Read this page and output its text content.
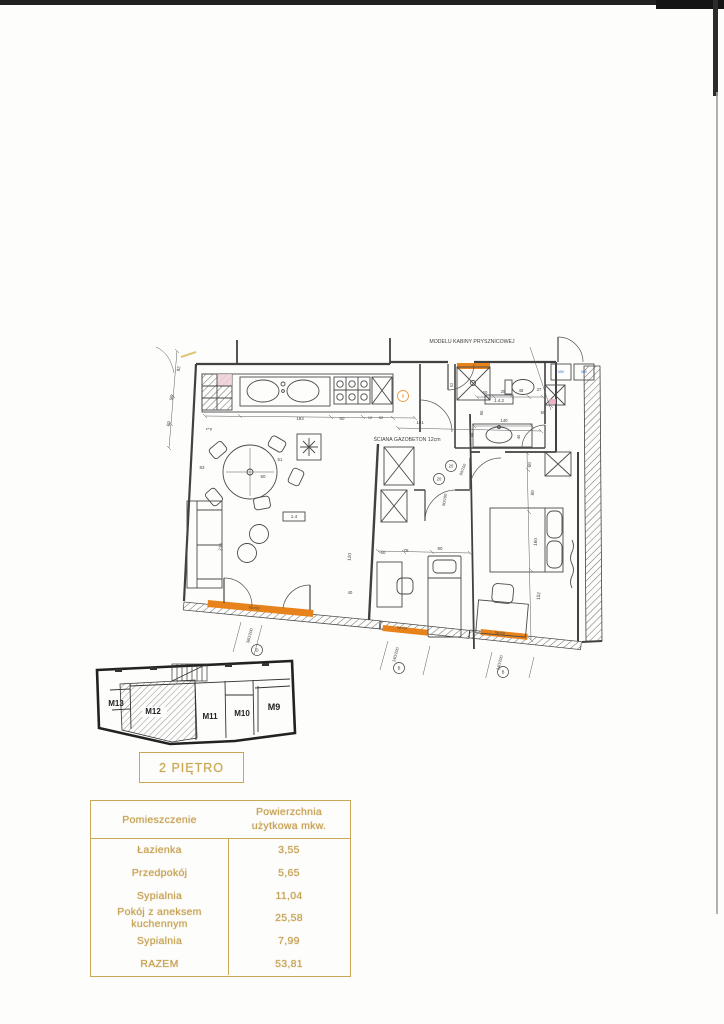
92
58
60
z+p
193	60	12 52
151
83
50
51
215
120
40
hp=50
hp=50
hp=50
60	78	90
60
80
160
152
52
60	35	48	37
90
140
44	40
60
80/200
90/200
360/200
140/200
140/200
1.4
1.4.2
MW	MW
MODELU KABINY PRYSZNICOWEJ
ŚCIANA GAZOBETON 12cm
20
20
8
D
B
B
M13
M12
M11 M10
M9
2 PIĘTRO
Pomieszczenie
Powierzchnia użytkowa mkw.
Łazienka	3,55
Przedpokój	5,65
Sypialnia	11,04
Pokój z aneksem kuchennym	25,58
Sypialnia	7,99
RAZEM	53,81
